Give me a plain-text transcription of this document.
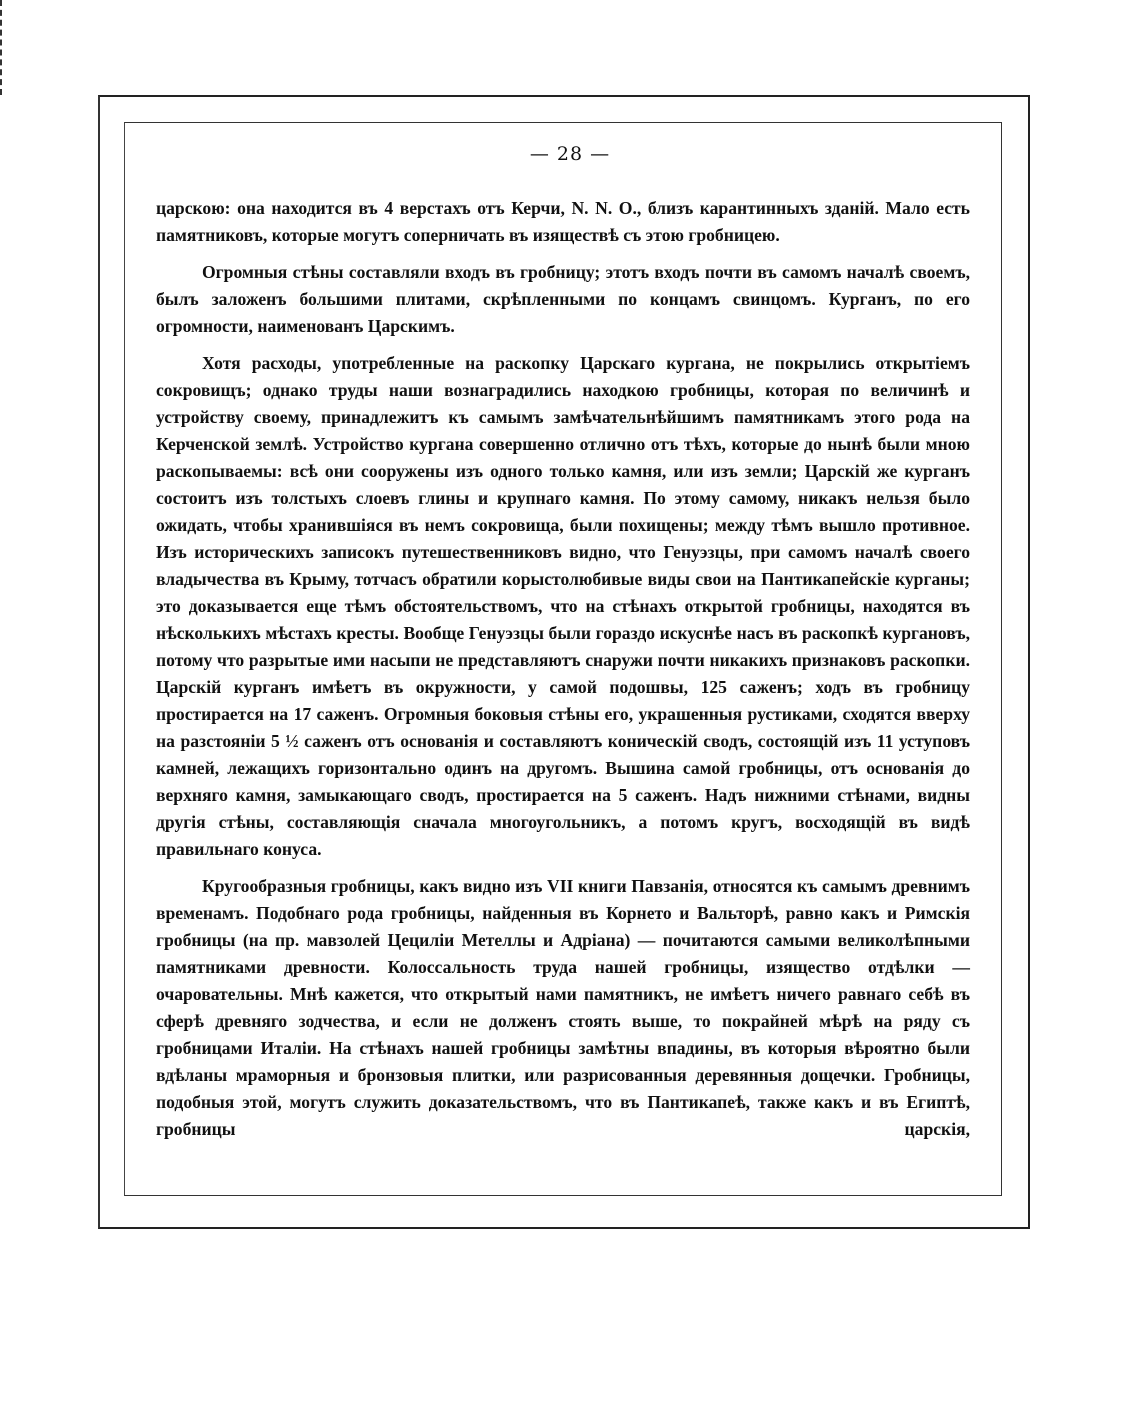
— 28 —

царскою: она находится въ 4 верстахъ отъ Керчи, N. N. O., близъ карантинныхъ зданій. Мало есть памятниковъ, которые могутъ соперничать въ изяществѣ съ этою гробницею.

Огромныя стѣны составляли входъ въ гробницу; этотъ входъ почти въ самомъ началѣ своемъ, былъ заложенъ большими плитами, скрѣпленными по концамъ свинцомъ. Курганъ, по его огромности, наименованъ Царскимъ.

Хотя расходы, употребленные на раскопку Царскаго кургана, не покрылись открытіемъ сокровищъ; однако труды наши вознаградились находкою гробницы, которая по величинѣ и устройству своему, принадлежитъ къ самымъ замѣчательнѣйшимъ памятникамъ этого рода на Керченской землѣ. Устройство кургана совершенно отлично отъ тѣхъ, которые до нынѣ были мною раскопываемы: всѣ они сооружены изъ одного только камня, или изъ земли; Царскій же курганъ состоитъ изъ толстыхъ слоевъ глины и крупнаго камня. По этому самому, никакъ нельзя было ожидать, чтобы хранившіяся въ немъ сокровища, были похищены; между тѣмъ вышло противное. Изъ историческихъ записокъ путешественниковъ видно, что Генуэзцы, при самомъ началѣ своего владычества въ Крыму, тотчасъ обратили корыстолюбивые виды свои на Пантикапейскіе курганы; это доказывается еще тѣмъ обстоятельствомъ, что на стѣнахъ открытой гробницы, находятся въ нѣсколькихъ мѣстахъ кресты. Вообще Генуэзцы были гораздо искуснѣе насъ въ раскопкѣ кургановъ, потому что разрытые ими насыпи не представляютъ снаружи почти никакихъ признаковъ раскопки. Царскій курганъ имѣетъ въ окружности, у самой подошвы, 125 саженъ; ходъ въ гробницу простирается на 17 саженъ. Огромныя боковыя стѣны его, украшенныя рустиками, сходятся вверху на разстояніи 5 ½ саженъ отъ основанія и составляютъ коническій сводъ, состоящій изъ 11 уступовъ камней, лежащихъ горизонтально одинъ на другомъ. Вышина самой гробницы, отъ основанія до верхняго камня, замыкающаго сводъ, простирается на 5 саженъ. Надъ нижними стѣнами, видны другія стѣны, составляющія сначала многоугольникъ, а потомъ кругъ, восходящій въ видѣ правильнаго конуса.

Кругообразныя гробницы, какъ видно изъ VII книги Павзанія, относятся къ самымъ древнимъ временамъ. Подобнаго рода гробницы, найденныя въ Корнето и Вальторѣ, равно какъ и Римскія гробницы (на пр. мавзолей Цециліи Метеллы и Адріана) — почитаются самыми великолѣпными памятниками древности. Колоссальность труда нашей гробницы, изящество отдѣлки — очаровательны. Мнѣ кажется, что открытый нами памятникъ, не имѣетъ ничего равнаго себѣ въ сферѣ древняго зодчества, и если не долженъ стоять выше, то покрайней мѣрѣ на ряду съ гробницами Италіи. На стѣнахъ нашей гробницы замѣтны впадины, въ которыя вѣроятно были вдѣланы мраморныя и бронзовыя плитки, или разрисованныя деревянныя дощечки. Гробницы, подобныя этой, могутъ служить доказательствомъ, что въ Пантикапеѣ, также какъ и въ Египтѣ, гробницы царскія,
